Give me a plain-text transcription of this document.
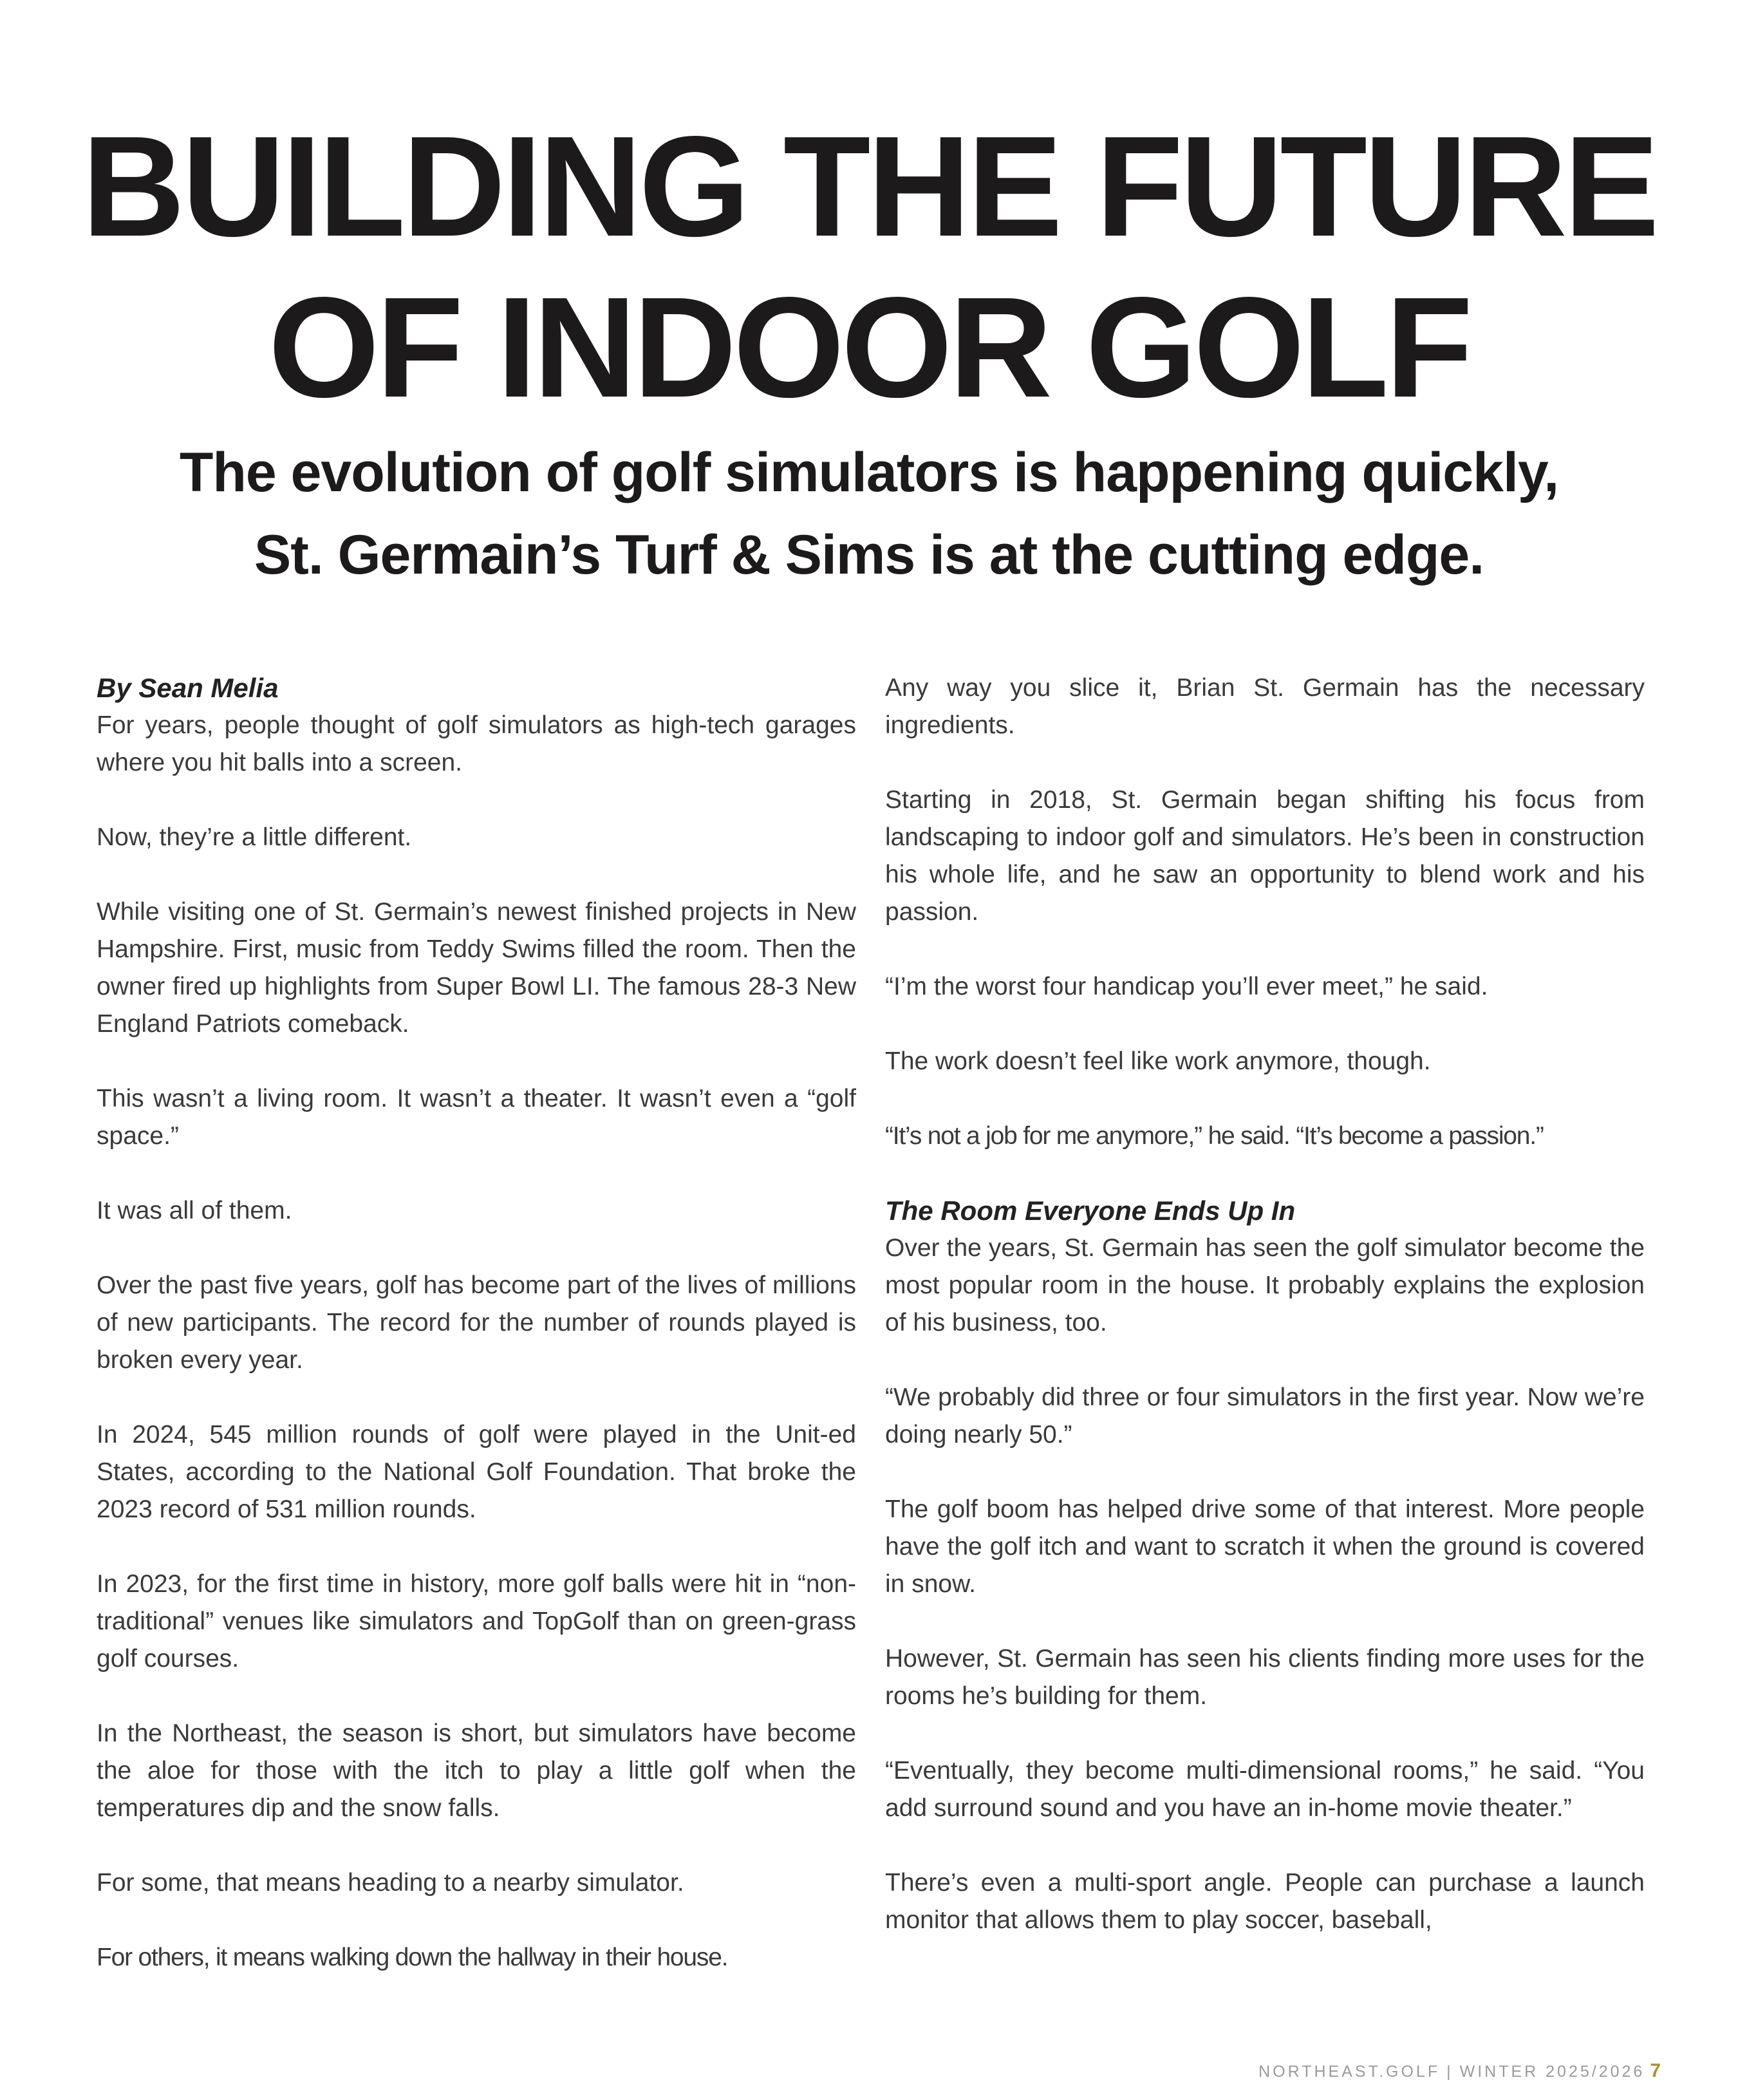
BUILDING THE FUTURE
OF INDOOR GOLF
The evolution of golf simulators is happening quickly,
St. Germain’s Turf & Sims is at the cutting edge.
By Sean Melia

For years, people thought of golf simulators as high-tech garages where you hit balls into a screen.

Now, they’re a little different.

While visiting one of St. Germain’s newest finished projects in New Hampshire. First, music from Teddy Swims filled the room. Then the owner fired up highlights from Super Bowl LI. The famous 28-3 New England Patriots comeback.

This wasn’t a living room. It wasn’t a theater. It wasn’t even a “golf space.”

It was all of them.

Over the past five years, golf has become part of the lives of millions of new participants. The record for the number of rounds played is broken every year.

In 2024, 545 million rounds of golf were played in the Unit-ed States, according to the National Golf Foundation. That broke the 2023 record of 531 million rounds.

In 2023, for the first time in history, more golf balls were hit in “non-traditional” venues like simulators and TopGolf than on green-grass golf courses.

In the Northeast, the season is short, but simulators have become the aloe for those with the itch to play a little golf when the temperatures dip and the snow falls.

For some, that means heading to a nearby simulator.

For others, it means walking down the hallway in their house.

Any way you slice it, Brian St. Germain has the necessary ingredients.

Starting in 2018, St. Germain began shifting his focus from landscaping to indoor golf and simulators. He’s been in construction his whole life, and he saw an opportunity to blend work and his passion.

“I’m the worst four handicap you’ll ever meet,” he said.

The work doesn’t feel like work anymore, though.

“It’s not a job for me anymore,” he said. “It’s become a passion.”

The Room Everyone Ends Up In

Over the years, St. Germain has seen the golf simulator become the most popular room in the house. It probably explains the explosion of his business, too.

“We probably did three or four simulators in the first year. Now we’re doing nearly 50.”

The golf boom has helped drive some of that interest. More people have the golf itch and want to scratch it when the ground is covered in snow.

However, St. Germain has seen his clients finding more uses for the rooms he’s building for them.

“Eventually, they become multi-dimensional rooms,” he said. “You add surround sound and you have an in-home movie theater.”

There’s even a multi-sport angle. People can purchase a launch monitor that allows them to play soccer, baseball,

NORTHEAST.GOLF | WINTER 2025/2026 7
